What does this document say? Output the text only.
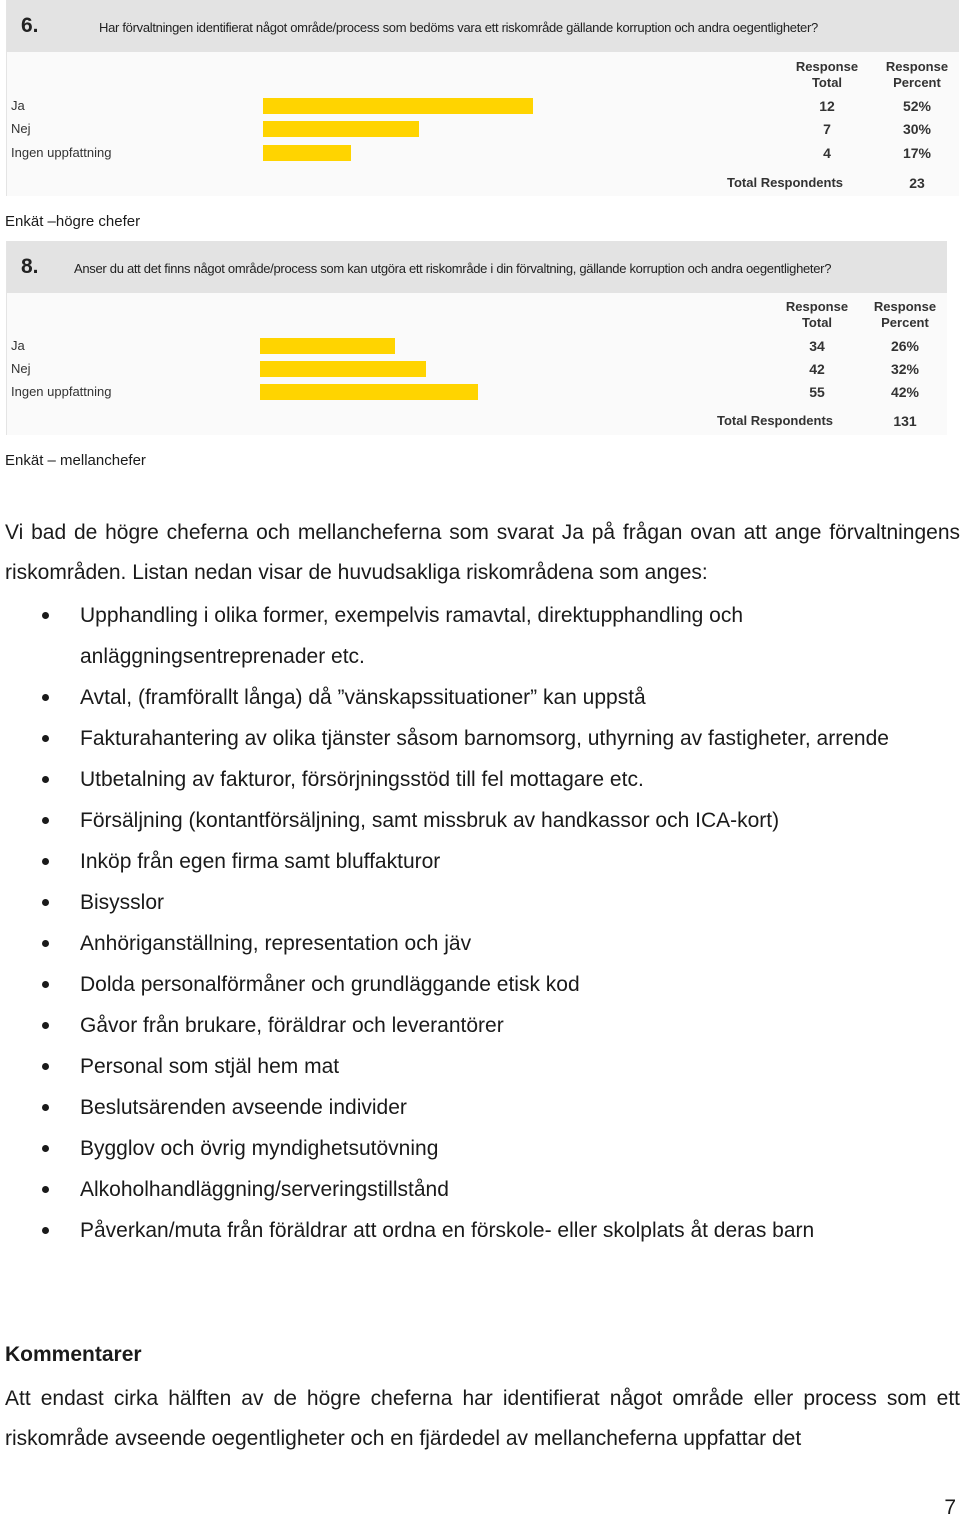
6.	Har förvaltningen identifierat något område/process som bedöms vara ett riskområde gällande korruption och andra oegentligheter?
Response
Total
Response
Percent
Ja	12	52%
Nej	7	30%
Ingen uppfattning	4	17%
Total Respondents	23
Enkät –högre chefer
8.	Anser du att det finns något område/process som kan utgöra ett riskområde i din förvaltning, gällande korruption och andra oegentligheter?
Response
Total
Response
Percent
Ja	34	26%
Nej	42	32%
Ingen uppfattning	55	42%
Total Respondents	131
Enkät – mellanchefer
Vi bad de högre cheferna och mellancheferna som svarat Ja på frågan ovan att ange förvaltningens riskområden. Listan nedan visar de huvudsakliga riskområdena som anges:
Upphandling i olika former, exempelvis ramavtal, direktupphandling och anläggningsentreprenader etc.
Avtal, (framförallt långa) då ”vänskapssituationer” kan uppstå
Fakturahantering av olika tjänster såsom barnomsorg, uthyrning av fastigheter, arrende
Utbetalning av fakturor, försörjningsstöd till fel mottagare etc.
Försäljning (kontantförsäljning, samt missbruk av handkassor och ICA-kort)
Inköp från egen firma samt bluffakturor
Bisysslor
Anhöriganställning, representation och jäv
Dolda personalförmåner och grundläggande etisk kod
Gåvor från brukare, föräldrar och leverantörer
Personal som stjäl hem mat
Beslutsärenden avseende individer
Bygglov och övrig myndighetsutövning
Alkoholhandläggning/serveringstillstånd
Påverkan/muta från föräldrar att ordna en förskole- eller skolplats åt deras barn
Kommentarer
Att endast cirka hälften av de högre cheferna har identifierat något område eller process som ett riskområde avseende oegentligheter och en fjärdedel av mellancheferna uppfattar det
7
